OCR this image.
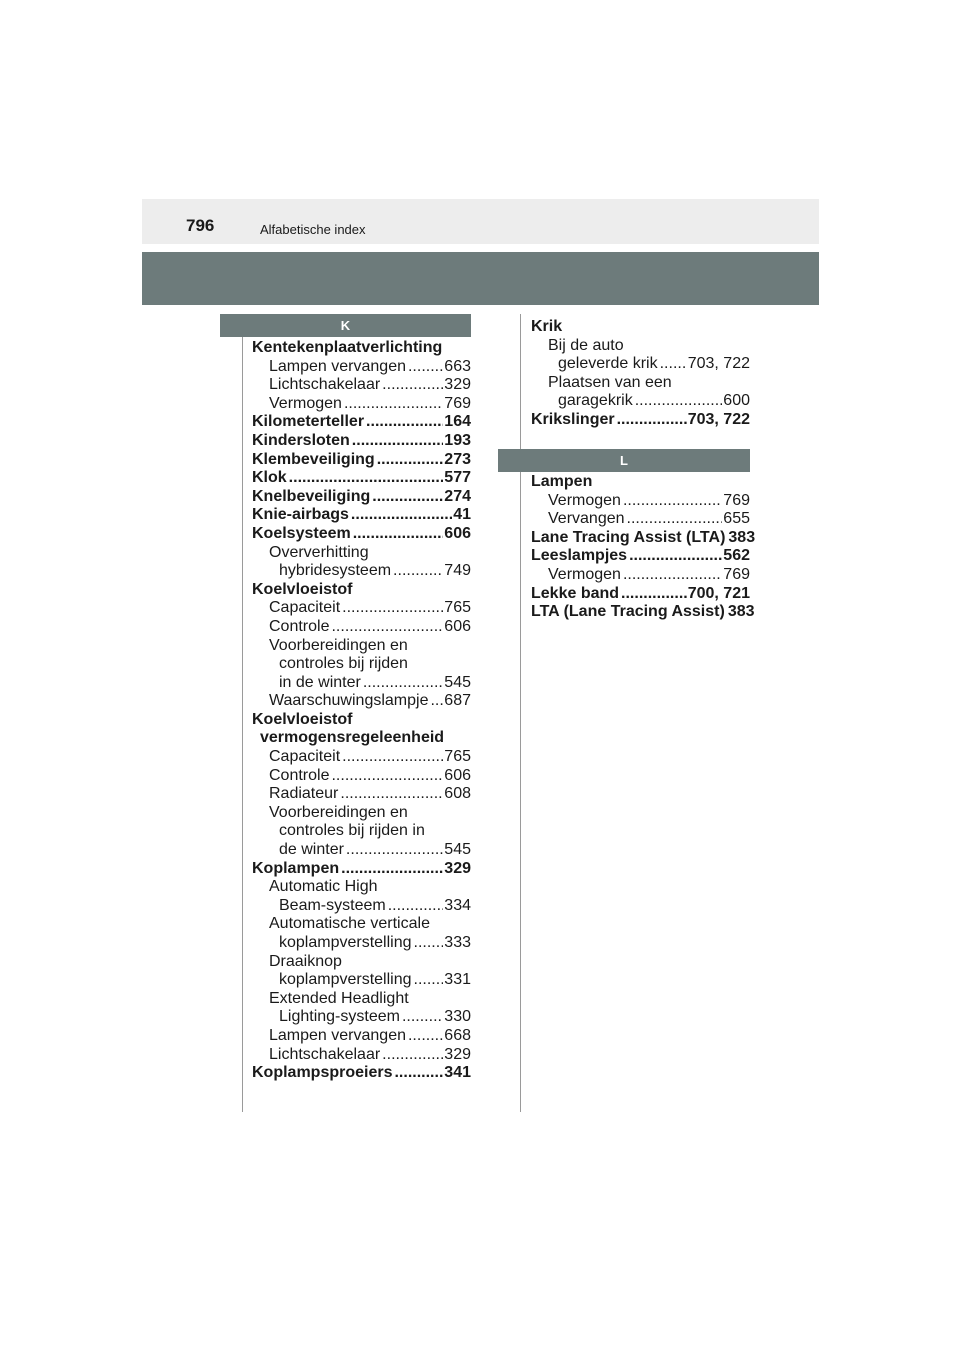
796	Alfabetische index
K
Kentekenplaatverlichting
Lampen vervangen ..... 663
Lichtschakelaar .....	329
Vermogen .....	769
Kilometerteller .....	164
Kindersloten .....	193
Klembeveiliging .....	273
Klok .....	577
Knelbeveiliging .....	274
Knie-airbags .....	41
Koelsysteem .....	606
Oververhitting
hybridesysteem .....	749
Koelvloeistof
Capaciteit .....	765
Controle .....	606
Voorbereidingen en
controles bij rijden
in de winter .....	545
Waarschuwingslampje ..... 687
Koelvloeistof
vermogensregeleenheid
Capaciteit .....	765
Controle .....	606
Radiateur .....	608
Voorbereidingen en
controles bij rijden in
de winter .....	545
Koplampen .....	329
Automatic High
Beam-systeem .....	334
Automatische verticale
koplampverstelling ..... 333
Draaiknop
koplampverstelling ..... 331
Extended Headlight
Lighting-systeem .....	330
Lampen vervangen ..... 668
Lichtschakelaar .....	329
Koplampsproeiers .....	341
Krik
Bij de auto
geleverde krik ..... 703, 722
Plaatsen van een
garagekrik .....	600
Krikslinger .....	703, 722
L
Lampen
Vermogen .....	769
Vervangen .....	655
Lane Tracing Assist (LTA) 383
Leeslampjes .....	562
Vermogen .....	769
Lekke band .....	700, 721
LTA (Lane Tracing Assist) 383
